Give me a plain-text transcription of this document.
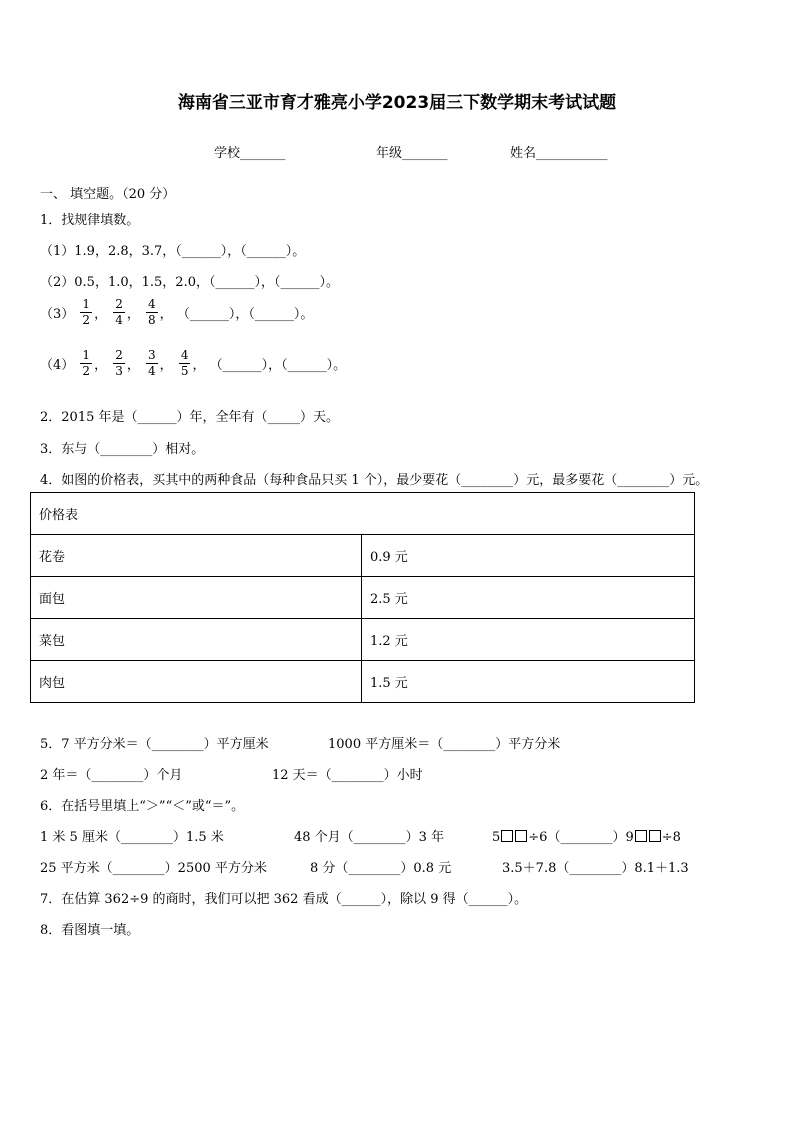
海南省三亚市育才雅亮小学2023届三下数学期末考试试题
学校_______	年级_______	姓名___________
一、 填空题。（20 分）
1．找规律填数。
（1）1.9，2.8，3.7，（______），（______）。
（2）0.5，1.0，1.5，2.0，（______），（______）。
$(3) \frac{1}{2}$ ， $\frac{2}{4}$ ， $\frac{4}{8}$ ， （______），（______）。
$(4) \frac{1}{2}$ ， $\frac{2}{3}$ ， $\frac{3}{4}$ ， $\frac{4}{5}$ ， （______），（______）。
2．2015 年是（______）年，全年有（_____）天。
3．东与（________）相对。
4．如图的价格表，买其中的两种食品（每种食品只买 1 个），最少要花（________）元，最多要花（________）元。
价格表	
花卷	0.9 元
面包	2.5 元
菜包	1.2 元
肉包	1.5 元
5．7 平方分米＝（________）平方厘米	1000 平方厘米＝（________）平方分米
2 年＝（________）个月	12 天＝（________）小时
6．在括号里填上“＞”“＜”或“＝”。
1 米 5 厘米（________）1.5 米	48 个月（________）3 年	5 ÷6（________）9 ÷8
25 平方米（________）2500 平方分米	8 分（________）0.8 元	3.5＋7.8（________）8.1＋1.3
7．在估算 362÷9 的商时，我们可以把 362 看成（______），除以 9 得（______）。
8．看图填一填。
